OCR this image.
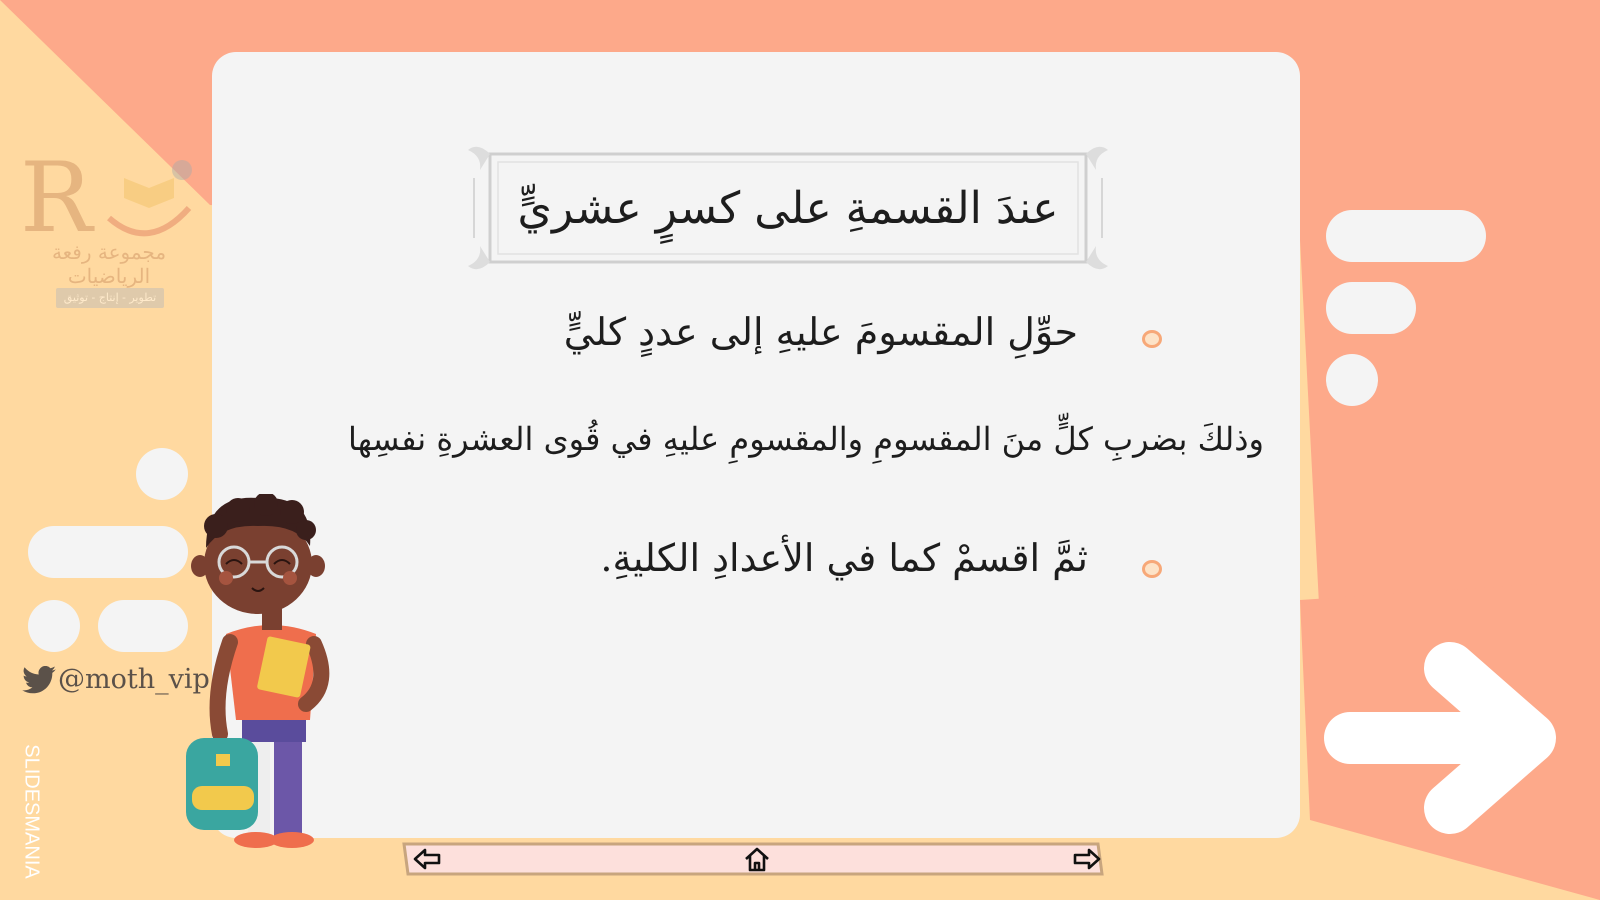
عندَ القسمةِ على كسرٍ عشريٍّ
حوِّلِ المقسومَ عليهِ إلى عددٍ كليٍّ
وذلكَ بضربِ كلٍّ منَ المقسومِ والمقسومِ عليهِ في قُوى العشرةِ نفسِها
ثمَّ اقسمْ كما في الأعدادِ الكليةِ.
R
مجموعة رفعة الرياضيات
تطوير - إنتاج - توثيق
@moth_vip
SLIDESMANIA
